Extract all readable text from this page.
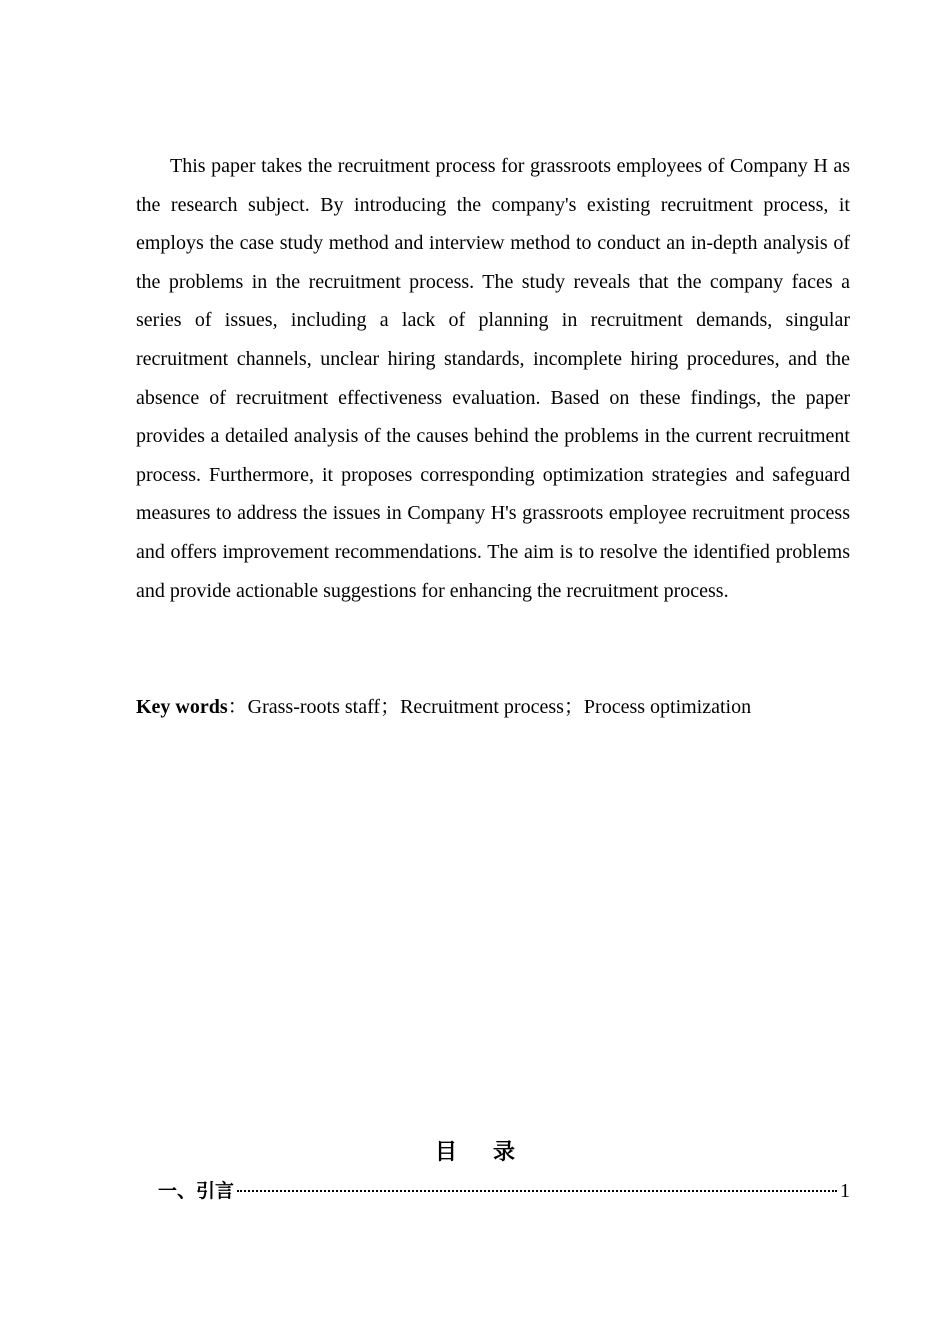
This paper takes the recruitment process for grassroots employees of Company H as the research subject. By introducing the company's existing recruitment process, it employs the case study method and interview method to conduct an in-depth analysis of the problems in the recruitment process. The study reveals that the company faces a series of issues, including a lack of planning in recruitment demands, singular recruitment channels, unclear hiring standards, incomplete hiring procedures, and the absence of recruitment effectiveness evaluation. Based on these findings, the paper provides a detailed analysis of the causes behind the problems in the current recruitment process. Furthermore, it proposes corresponding optimization strategies and safeguard measures to address the issues in Company H's grassroots employee recruitment process and offers improvement recommendations. The aim is to resolve the identified problems and provide actionable suggestions for enhancing the recruitment process.

Key words：Grass-roots staff；Recruitment process；Process optimization

目录
一、引言	1
